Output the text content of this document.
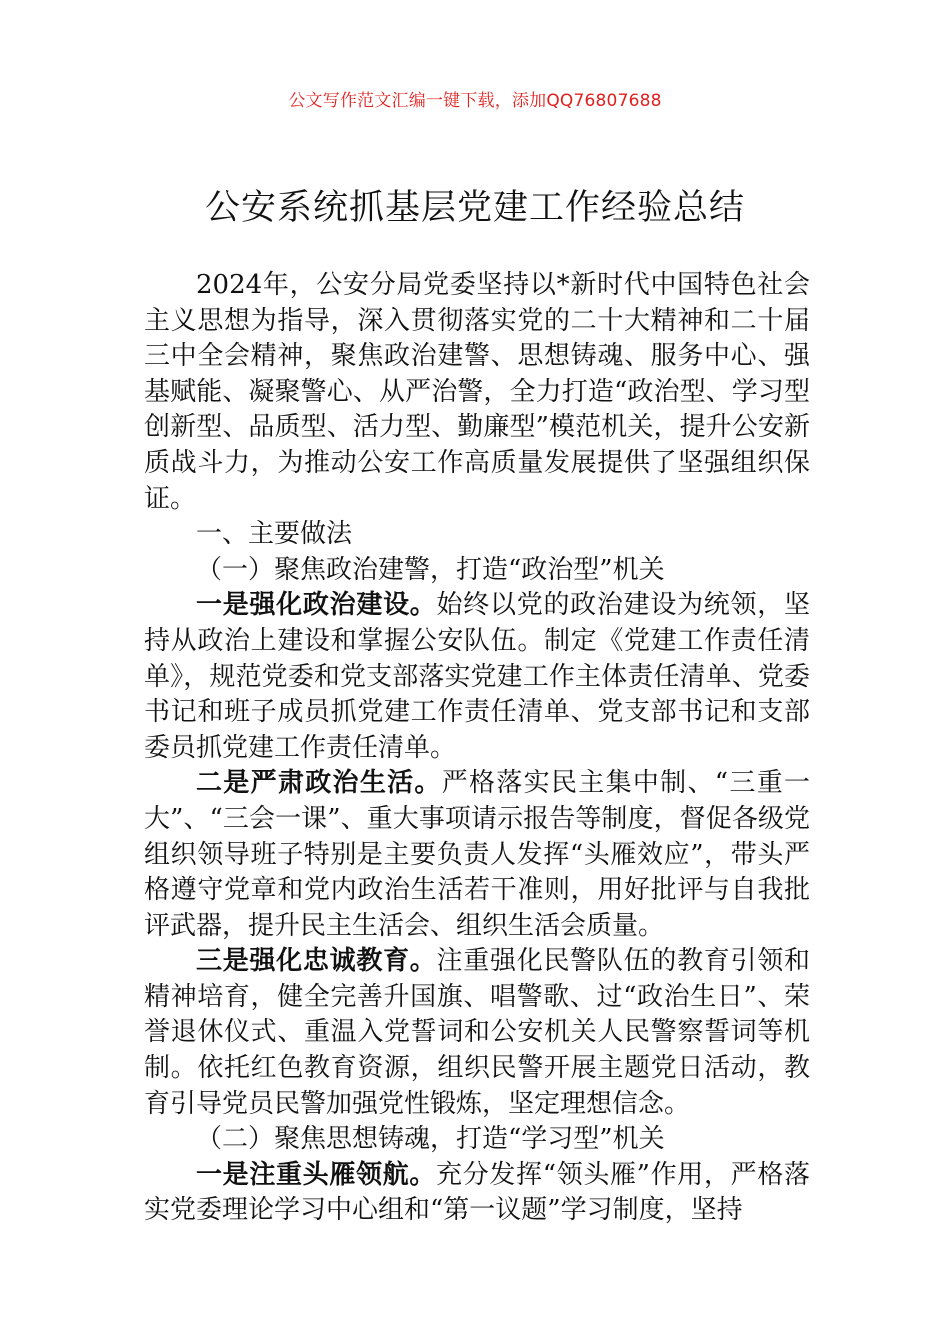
公文写作范文汇编一键下载，添加QQ76807688
公安系统抓基层党建工作经验总结

2024年，公安分局党委坚持以*新时代中国特色社会主义思想为指导，深入贯彻落实党的二十大精神和二十届三中全会精神，聚焦政治建警、思想铸魂、服务中心、强基赋能、凝聚警心、从严治警，全力打造“政治型、学习型创新型、品质型、活力型、勤廉型”模范机关，提升公安新质战斗力，为推动公安工作高质量发展提供了坚强组织保证。

一、主要做法

（一）聚焦政治建警，打造“政治型”机关

一是强化政治建设。始终以党的政治建设为统领，坚持从政治上建设和掌握公安队伍。制定《党建工作责任清单》，规范党委和党支部落实党建工作主体责任清单、党委书记和班子成员抓党建工作责任清单、党支部书记和支部委员抓党建工作责任清单。

二是严肃政治生活。严格落实民主集中制、“三重一大”、“三会一课”、重大事项请示报告等制度，督促各级党组织领导班子特别是主要负责人发挥“头雁效应”，带头严格遵守党章和党内政治生活若干准则，用好批评与自我批评武器，提升民主生活会、组织生活会质量。

三是强化忠诚教育。注重强化民警队伍的教育引领和精神培育，健全完善升国旗、唱警歌、过“政治生日”、荣誉退休仪式、重温入党誓词和公安机关人民警察誓词等机制。依托红色教育资源，组织民警开展主题党日活动，教育引导党员民警加强党性锻炼，坚定理想信念。

（二）聚焦思想铸魂，打造“学习型”机关

一是注重头雁领航。充分发挥“领头雁”作用，严格落实党委理论学习中心组和“第一议题”学习制度，坚持
